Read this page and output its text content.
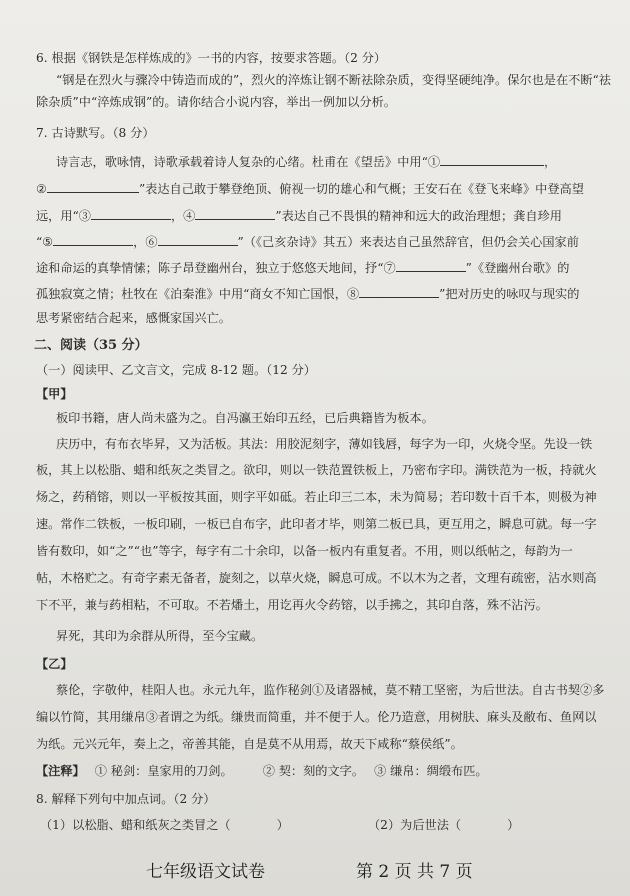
6. 根据《钢铁是怎样炼成的》一书的内容，按要求答题。（2 分）
“钢是在烈火与骤冷中铸造而成的”，烈火的淬炼让钢不断祛除杂质，变得坚硬纯净。保尔也是在不断“祛
除杂质”中“淬炼成钢”的。请你结合小说内容，举出一例加以分析。
7. 古诗默写。（8 分）
诗言志，歌咏情，诗歌承载着诗人复杂的心绪。杜甫在《望岳》中用“①	，
②	”表达自己敢于攀登绝顶、俯视一切的雄心和气概；王安石在《登飞来峰》中登高望
远，用“③	，④	”表达自己不畏惧的精神和远大的政治理想；龚自珍用
“⑤	，⑥	”（《己亥杂诗》其五）来表达自己虽然辞官，但仍会关心国家前
途和命运的真挚情愫；陈子昂登幽州台，独立于悠悠天地间，抒“⑦	”《登幽州台歌》的
孤独寂寞之情；杜牧在《泊秦淮》中用“商女不知亡国恨，⑧	”把对历史的咏叹与现实的
思考紧密结合起来，感慨家国兴亡。
二、阅读（35 分）
（一）阅读甲、乙文言文，完成 8-12 题。（12 分）
【甲】
板印书籍，唐人尚未盛为之。自冯瀛王始印五经，已后典籍皆为板本。
庆历中，有布衣毕昇，又为活板。其法：用胶泥刻字，薄如钱唇，每字为一印，火烧令坚。先设一铁
板，其上以松脂、蜡和纸灰之类冒之。欲印，则以一铁范置铁板上，乃密布字印。满铁范为一板，持就火
炀之，药稍镕，则以一平板按其面，则字平如砥。若止印三二本，未为简易；若印数十百千本，则极为神
速。常作二铁板，一板印刷，一板已自布字，此印者才毕，则第二板已具，更互用之，瞬息可就。每一字
皆有数印，如“之”“也”等字，每字有二十余印，以备一板内有重复者。不用，则以纸帖之，每韵为一
帖，木格贮之。有奇字素无备者，旋刻之，以草火烧，瞬息可成。不以木为之者，文理有疏密，沾水则高
下不平，兼与药相粘，不可取。不若燔土，用讫再火令药镕，以手拂之，其印自落，殊不沾污。
昇死，其印为余群从所得，至今宝藏。
【乙】
蔡伦，字敬仲，桂阳人也。永元九年，监作秘剑①及诸器械，莫不精工坚密，为后世法。自古书契②多
编以竹简，其用缣帛③者谓之为纸。缣贵而简重，并不便于人。伦乃造意，用树肤、麻头及敝布、鱼网以
为纸。元兴元年，奏上之，帝善其能，自是莫不从用焉，故天下咸称“蔡侯纸”。
【注释】 ① 秘剑：皇家用的刀剑。 ② 契：刻的文字。 ③ 缣帛：绸缎布匹。
8. 解释下列句中加点词。（2 分）
（1）以松脂、蜡和纸灰之类冒之（	）	（2）为后世法（	）
七年级语文试卷	第 2 页 共 7 页
